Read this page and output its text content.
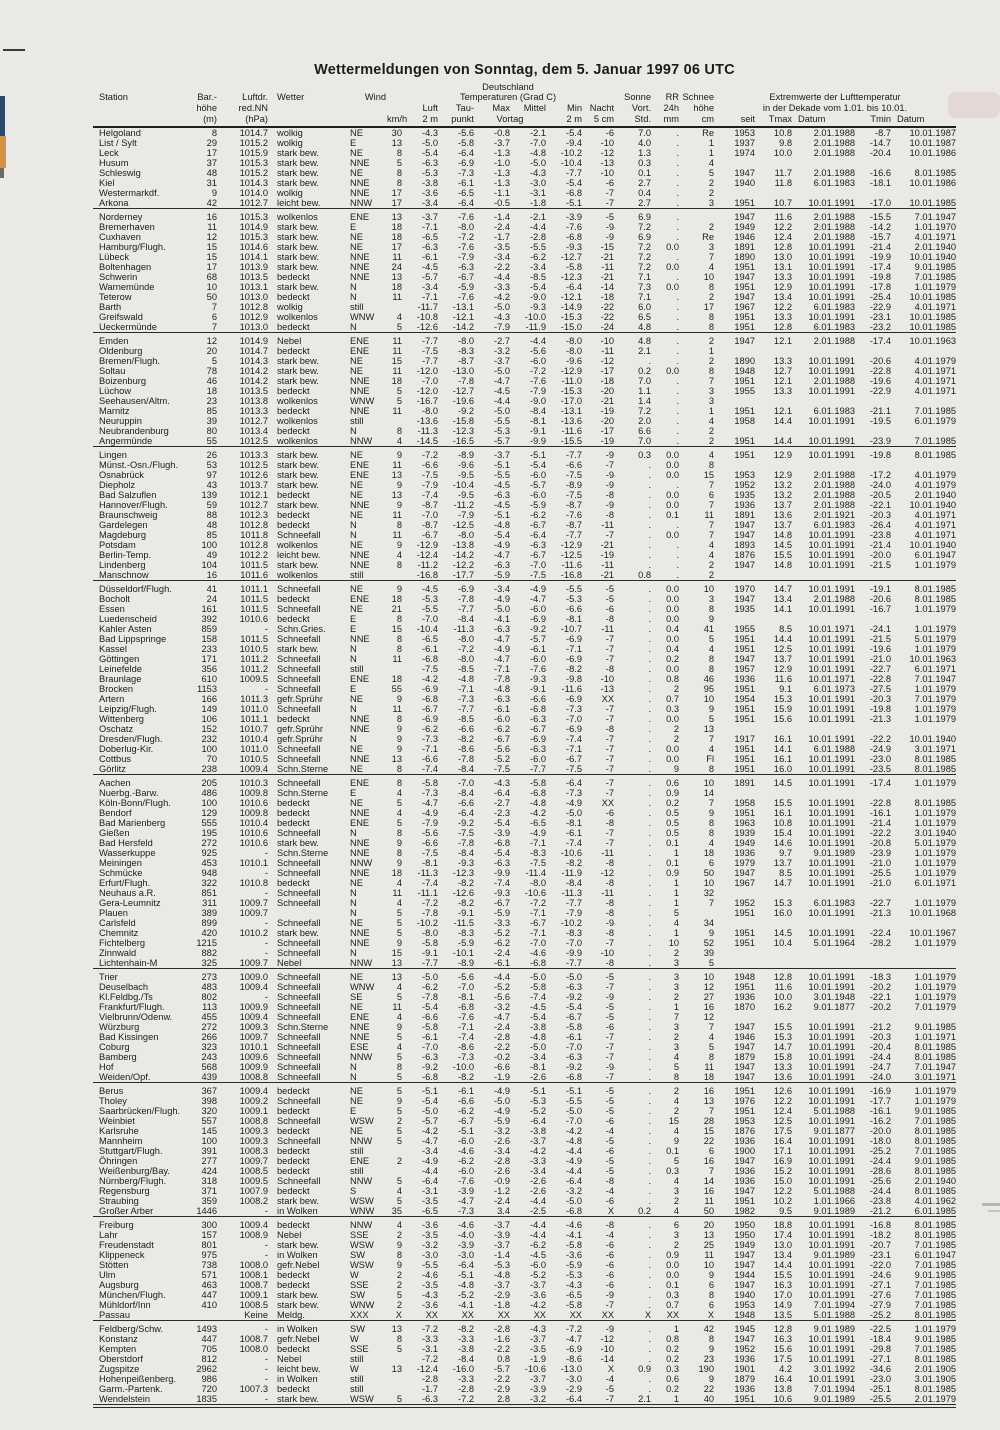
Wettermeldungen von Sonntag, dem 5. Januar 1997 06 UTC
						Deutschland													
Station	Bar.-	Luftdr.	Wetter	Wind		Temperaturen (Grad C)						Sonne	RR	Schnee	Extremwerte der Lufttemperatur				
	höhe	red.NN				Luft	Tau-	Max	Mittel	Min	Nacht	Vort.	24h	höhe	in der Dekade vom 1.01. bis 10.01.				
	(m)	(hPa)			km/h	2 m	punkt	Vortag		2 m	5 cm	Std.	mm	cm	seit	Tmax	Datum	Tmin	Datum
Helgoland	8	1014.7	wolkig	NE	30	-4.3	-5.6	-0.8	-2.1	-5.4	-6	7.0	.	Re	1953	10.8	2.01.1988	-8.7	10.01.1987
List / Sylt	29	1015.2	wolkig	E	13	-5.0	-5.8	-3.7	-7.0	-9.4	-10	4.0	.	1	1937	9.8	2.01.1988	-14.7	10.01.1987
Leck	17	1015.9	stark bew.	NE	8	-5.4	-6.4	-1.3	-4.8	-10.2	-12	1.3	.	1	1974	10.0	2.01.1988	-20.4	10.01.1986
Husum	37	1015.3	stark bew.	NNE	5	-6.3	-6.9	-1.0	-5.0	-10.4	-13	0.3	.	4					
Schleswig	48	1015.2	stark bew.	NE	8	-5.3	-7.3	-1.3	-4.3	-7.7	-10	0.1	.	5	1947	11.7	2.01.1988	-16.6	8.01.1985
Kiel	31	1014.3	stark bew.	NNE	8	-3.8	-6.1	-1.3	-3.0	-5.4	-6	2.7	.	2	1940	11.8	6.01.1983	-18.1	10.01.1986
Westermarkdf.	9	1014.0	wolkig	NNE	17	-3.6	-6.5	-1.1	-3.1	-6.8	-7	0.4	.	2					
Arkona	42	1012.7	leicht bew.	NNW	17	-3.4	-6.4	-0.5	-1.8	-5.1	-7	2.7	.	3	1951	10.7	10.01.1991	-17.0	10.01.1985
Norderney	16	1015.3	wolkenlos	ENE	13	-3.7	-7.6	-1.4	-2.1	-3.9	-5	6.9	.		1947	11.6	2.01.1988	-15.5	7.01.1947
Bremerhaven	11	1014.9	stark bew.	E	18	-7.1	-8.0	-2.4	-4.4	-7.6	-9	7.2	.	2	1949	12.2	2.01.1988	-14.2	1.01.1970
Cuxhaven	12	1015.3	stark bew.	NE	18	-6.5	-7.2	-1.7	-2.8	-6.8	-9	6.9	.	Re	1946	12.4	2.01.1988	-15.7	4.01.1971
Hamburg/Flugh.	15	1014.6	stark bew.	NE	17	-6.3	-7.6	-3.5	-5.5	-9.3	-15	7.2	0.0	3	1891	12.8	10.01.1991	-21.4	2.01.1940
Lübeck	15	1014.1	stark bew.	NNE	11	-6.1	-7.9	-3.4	-6.2	-12.7	-21	7.2	.	7	1890	13.0	10.01.1991	-19.9	10.01.1940
Boltenhagen	17	1013.9	stark bew.	NNE	24	-4.5	-6.3	-2.2	-3.4	-5.8	-11	7.2	0.0	4	1951	13.1	10.01.1991	-17.4	9.01.1985
Schwerin	68	1013.5	bedeckt	NNE	13	-5.7	-6.7	-4.4	-8.5	-12.3	-21	7.1	.	10	1947	13.3	10.01.1991	-19.8	7.01.1985
Warnemünde	10	1013.1	stark bew.	N	18	-3.4	-5.9	-3.3	-5.4	-6.4	-14	7.3	0.0	8	1951	12.9	10.01.1991	-17.8	1.01.1979
Teterow	50	1013.0	bedeckt	N	11	-7.1	-7.6	-4.2	-9.0	-12.1	-18	7.1	.	2	1947	13.4	10.01.1991	-25.4	10.01.1985
Barth	7	1012.8	wolkig	still		-11.7	-13.1	-5.0	-9.3	-14.9	-22	6.0	.	17	1967	12.2	6.01.1983	-22.9	4.01.1971
Greifswald	6	1012.9	wolkenlos	WNW	4	-10.8	-12.1	-4.3	-10.0	-15.3	-22	6.5	.	8	1951	13.3	10.01.1991	-23.1	10.01.1985
Ueckermünde	7	1013.0	bedeckt	N	5	-12.6	-14.2	-7.9	-11.9	-15.0	-24	4.8	.	8	1951	12.8	6.01.1983	-23.2	10.01.1985
Emden	12	1014.9	Nebel	ENE	11	-7.7	-8.0	-2.7	-4.4	-8.0	-10	4.8	.	2	1947	12.1	2.01.1988	-17.4	10.01.1963
Oldenburg	20	1014.7	bedeckt	ENE	11	-7.5	-8.3	-3.2	-5.6	-8.0	-11	2.1	.	1					
Bremen/Flugh.	5	1014.3	stark bew.	NE	15	-7.7	-8.7	-3.7	-6.0	-9.6	-12	.	.	2	1890	13.3	10.01.1991	-20.6	4.01.1979
Soltau	78	1014.2	stark bew.	NE	11	-12.0	-13.0	-5.0	-7.2	-12.9	-17	0.2	0.0	8	1948	12.7	10.01.1991	-22.8	4.01.1971
Boizenburg	46	1014.2	stark bew.	NNE	18	-7.0	-7.8	-4.7	-7.6	-11.0	-18	7.0	.	7	1951	12.1	2.01.1988	-19.6	4.01.1971
Lüchow	18	1013.5	bedeckt	NNE	5	-12.0	-12.7	-4.5	-7.9	-15.3	-20	1.1	.	3	1955	13.3	10.01.1991	-22.9	4.01.1971
Seehausen/Altm.	23	1013.8	wolkenlos	WNW	5	-16.7	-19.6	-4.4	-9.0	-17.0	-21	1.4	.	3					
Marnitz	85	1013.3	bedeckt	NNE	11	-8.0	-9.2	-5.0	-8.4	-13.1	-19	7.2	.	1	1951	12.1	6.01.1983	-21.1	7.01.1985
Neuruppin	39	1012.7	wolkenlos	still		-13.6	-15.8	-5.5	-8.1	-13.6	-20	2.0	.	4	1958	14.4	10.01.1991	-19.5	6.01.1979
Neubrandenburg	80	1013.4	bedeckt	N	8	-11.3	-12.3	-5.3	-9.1	-11.6	-17	6.6	.	2					
Angermünde	55	1012.5	wolkenlos	NNW	4	-14.5	-16.5	-5.7	-9.9	-15.5	-19	7.0	.	2	1951	14.4	10.01.1991	-23.9	7.01.1985
Lingen	26	1013.3	stark bew.	NE	9	-7.2	-8.9	-3.7	-5.1	-7.7	-9	0.3	0.0	4	1951	12.9	10.01.1991	-19.8	8.01.1985
Münst.-Osn./Flugh.	53	1012.5	stark bew.	ENE	11	-6.6	-9.6	-5.1	-5.4	-6.6	-7	.	0.0	8					
Osnabrück	97	1012.6	stark bew.	ENE	13	-7.5	-9.5	-5.5	-6.0	-7.5	-9	.	0.0	15	1953	12.9	2.01.1988	-17.2	4.01.1979
Diepholz	43	1013.7	stark bew.	NE	9	-7.9	-10.4	-4.5	-5.7	-8.9	-9	.	.	7	1952	13.2	2.01.1988	-24.0	4.01.1979
Bad Salzuflen	139	1012.1	bedeckt	NE	13	-7.4	-9.5	-6.3	-6.0	-7.5	-8	.	0.0	6	1935	13.2	2.01.1988	-20.5	2.01.1940
Hannover/Flugh.	59	1012.7	stark bew.	NNE	9	-8.7	-11.2	-4.5	-5.9	-8.7	-9	.	0.0	7	1936	13.7	2.01.1988	-22.1	10.01.1940
Braunschweig	88	1012.3	bedeckt	NE	11	-7.0	-7.9	-5.1	-6.2	-7.6	-8	.	0.1	11	1891	13.6	2.01.1921	-20.3	4.01.1971
Gardelegen	48	1012.8	bedeckt	N	8	-8.7	-12.5	-4.8	-6.7	-8.7	-11	.	.	7	1947	13.7	6.01.1983	-26.4	4.01.1971
Magdeburg	85	1011.8	Schneefall	N	11	-6.7	-8.0	-5.4	-6.4	-7.7	-7	.	0.0	7	1947	14.8	10.01.1991	-23.8	4.01.1971
Potsdam	100	1012.8	wolkenlos	NE	9	-12.9	-13.8	-4.9	-6.3	-12.9	-21	.	.	4	1893	14.5	10.01.1991	-21.4	10.01.1940
Berlin-Temp.	49	1012.2	leicht bew.	NNE	4	-12.4	-14.2	-4.7	-6.7	-12.5	-19	.	.	4	1876	15.5	10.01.1991	-20.0	6.01.1947
Lindenberg	104	1011.5	stark bew.	NNE	8	-11.2	-12.2	-6.3	-7.0	-11.6	-11	.	.	2	1947	14.8	10.01.1991	-21.5	1.01.1979
Manschnow	16	1011.6	wolkenlos	still		-16.8	-17.7	-5.9	-7.5	-16.8	-21	0.8	.	2					
Düsseldorf/Flugh.	41	1011.1	Schneefall	NE	9	-4.5	-6.9	-3.4	-4.9	-5.5	-5	.	0.0	10	1970	14.7	10.01.1991	-19.1	8.01.1985
Bocholt	24	1011.5	bedeckt	ENE	18	-5.3	-7.8	-4.9	-4.7	-5.3	-5	.	0.0	3	1947	13.4	2.01.1988	-20.6	8.01.1985
Essen	161	1011.5	Schneefall	NE	21	-5.5	-7.7	-5.0	-6.0	-6.6	-6	.	0.0	8	1935	14.1	10.01.1991	-16.7	1.01.1979
Luedenscheid	392	1010.6	bedeckt	E	8	-7.0	-8.4	-4.1	-6.9	-8.1	-8	.	0.0	9					
Kahler Asten	859	-	Schn.Gries.	E	15	-10.4	-11.3	-6.3	-9.2	-10.7	-11	.	0.4	41	1955	8.5	10.01.1971	-24.1	1.01.1979
Bad Lippspringe	158	1011.5	Schneefall	NNE	8	-6.5	-8.0	-4.7	-5.7	-6.9	-7	.	0.0	5	1951	14.4	10.01.1991	-21.5	5.01.1979
Kassel	233	1010.5	stark bew.	N	8	-6.1	-7.2	-4.9	-6.1	-7.1	-7	.	0.4	4	1951	12.5	10.01.1991	-19.6	1.01.1979
Göttingen	171	1011.2	Schneefall	N	11	-6.8	-8.0	-4.7	-6.0	-6.9	-7	.	0.2	8	1947	13.7	10.01.1991	-21.0	10.01.1963
Leinefelde	356	1011.2	Schneefall	still		-7.5	-8.5	-7.1	-7.6	-8.2	-8	.	0.0	8	1957	12.9	10.01.1991	-22.7	6.01.1971
Braunlage	610	1009.5	Schneefall	ENE	18	-4.2	-4.8	-7.8	-9.3	-9.8	-10	.	0.8	46	1936	11.6	10.01.1971	-22.8	7.01.1947
Brocken	1153	-	Schneefall	E	55	-6.9	-7.1	-4.8	-9.1	-11.6	-13	.	2	95	1951	9.1	6.01.1973	-27.5	1.01.1979
Artern	166	1011.3	gefr.Sprühr	NE	9	-6.8	-7.3	-6.3	-6.6	-6.9	XX	.	0.7	10	1954	15.3	10.01.1991	-20.3	7.01.1979
Leipzig/Flugh.	149	1011.0	Schneefall	N	11	-6.7	-7.7	-6.1	-6.8	-7.3	-7	.	0.3	9	1951	15.9	10.01.1991	-19.8	1.01.1979
Wittenberg	106	1011.1	bedeckt	NNE	8	-6.9	-8.5	-6.0	-6.3	-7.0	-7	.	0.0	5	1951	15.6	10.01.1991	-21.3	1.01.1979
Oschatz	152	1010.7	gefr.Sprühr	NNE	9	-6.2	-6.6	-6.2	-6.7	-6.9	-8	.	2	13					
Dresden/Flugh.	232	1010.4	gefr.Sprühr	N	9	-7.3	-8.2	-6.7	-6.9	-7.4	-7	.	2	7	1917	16.1	10.01.1991	-22.2	10.01.1940
Doberlug-Kir.	100	1011.0	Schneefall	NE	9	-7.1	-8.6	-5.6	-6.3	-7.1	-7	.	0.0	4	1951	14.1	6.01.1988	-24.9	3.01.1971
Cottbus	70	1010.5	Schneefall	NNE	13	-6.6	-7.8	-5.2	-6.0	-6.7	-7	.	0.0	Fl	1951	16.1	10.01.1991	-23.0	8.01.1985
Görlitz	238	1009.4	Schn.Sterne	NE	8	-7.4	-8.4	-7.5	-7.7	-7.5	-7	.	9	8	1951	16.0	10.01.1991	-23.5	8.01.1985
Aachen	205	1010.3	Schneefall	ENE	8	-5.8	-7.0	-4.3	-5.8	-6.4	-7	.	0.6	10	1891	14.5	10.01.1991	-17.4	1.01.1979
Nuerbg.-Barw.	486	1009.8	Schn.Sterne	E	4	-7.3	-8.4	-6.4	-6.8	-7.3	-7	.	0.9	14					
Köln-Bonn/Flugh.	100	1010.6	bedeckt	NE	5	-4.7	-6.6	-2.7	-4.8	-4.9	XX	.	0.2	7	1958	15.5	10.01.1991	-22.8	8.01.1985
Bendorf	129	1009.8	bedeckt	NNE	4	-4.9	-6.4	-2.3	-4.2	-5.0	-6	.	0.5	9	1951	16.1	10.01.1991	-16.1	1.01.1979
Bad Marienberg	555	1010.4	bedeckt	ENE	5	-7.9	-9.2	-5.4	-6.5	-8.1	-8	.	0.5	8	1963	10.8	10.01.1991	-21.4	1.01.1979
Gießen	195	1010.6	Schneefall	N	8	-5.6	-7.5	-3.9	-4.9	-6.1	-7	.	0.5	8	1939	15.4	10.01.1991	-22.2	3.01.1940
Bad Hersfeld	272	1010.6	stark bew.	NNE	9	-6.6	-7.8	-6.8	-7.1	-7.4	-7	.	0.1	4	1949	14.6	10.01.1991	-20.8	5.01.1979
Wasserkuppe	925	-	Schn.Sterne	NNE	8	-7.5	-8.4	-5.4	-8.3	-10.6	-11	.	1	18	1936	9.7	9.01.1989	-23.9	1.01.1979
Meiningen	453	1010.1	Schneefall	NNW	9	-8.1	-9.3	-6.3	-7.5	-8.2	-8	.	0.1	6	1979	13.7	10.01.1991	-21.0	1.01.1979
Schmücke	948	-	Schneefall	NNE	18	-11.3	-12.3	-9.9	-11.4	-11.9	-12	.	0.9	50	1947	8.5	10.01.1991	-25.5	1.01.1979
Erfurt/Flugh.	322	1010.8	bedeckt	NE	4	-7.4	-8.2	-7.4	-8.0	-8.4	-8	.	1	10	1967	14.7	10.01.1991	-21.0	6.01.1971
Neuhaus a.R.	851	-	Schneefall	N	11	-11.1	-12.6	-9.3	-10.6	-11.3	-11	.	1	32					
Gera-Leumnitz	311	1009.7	Schneefall	N	4	-7.2	-8.2	-6.7	-7.2	-7.7	-8	.	1	7	1952	15.3	6.01.1983	-22.7	1.01.1979
Plauen	389	1009.7		N	5	-7.8	-9.1	-5.9	-7.1	-7.9	-8	.	5		1951	16.0	10.01.1991	-21.3	10.01.1968
Carlsfeld	899	-	Schneefall	NE	5	-10.2	-11.5	-3.3	-6.7	-10.2	-9	.	4	34					
Chemnitz	420	1010.2	stark bew.	NNE	5	-8.0	-8.3	-5.2	-7.1	-8.3	-8	.	1	9	1951	14.5	10.01.1991	-22.4	10.01.1967
Fichtelberg	1215	-	Schneefall	NNE	9	-5.8	-5.9	-6.2	-7.0	-7.0	-7	.	10	52	1951	10.4	5.01.1964	-28.2	1.01.1979
Zinnwald	882	-	Schneefall	N	15	-9.1	-10.1	-2.4	-4.6	-9.9	-10	.	2	39					
Lichtenhain-M	325	1009.7	Nebel	NNW	13	-7.7	-8.9	-6.1	-6.8	-7.7	-8	.	3	5					
Trier	273	1009.0	Schneefall	NE	13	-5.0	-5.6	-4.4	-5.0	-5.0	-5	.	3	10	1948	12.8	10.01.1991	-18.3	1.01.1979
Deuselbach	483	1009.4	Schneefall	WNW	4	-6.2	-7.0	-5.2	-5.8	-6.3	-7	.	3	12	1951	11.6	10.01.1991	-20.2	1.01.1979
Kl.Feldbg./Ts	802	-	Schneefall	SE	5	-7.8	-8.1	-5.6	-7.4	-9.2	-9	.	2	27	1936	10.0	3.01.1948	-22.1	1.01.1979
Frankfurt/Flugh.	113	1009.9	Schneefall	NE	11	-5.4	-6.8	-3.2	-4.5	-5.4	-5	.	1	16	1870	16.2	9.01.1877	-20.2	7.01.1979
Vielbrunn/Odenw.	455	1009.4	Schneefall	ENE	4	-6.6	-7.6	-4.7	-5.4	-6.7	-5	.	7	12					
Würzburg	272	1009.3	Schn.Sterne	NNE	9	-5.8	-7.1	-2.4	-3.8	-5.8	-6	.	3	7	1947	15.5	10.01.1991	-21.2	9.01.1985
Bad Kissingen	266	1009.7	Schneefall	NNE	5	-6.1	-7.4	-2.8	-4.8	-6.1	-7	.	2	4	1946	15.3	10.01.1991	-20.3	1.01.1971
Coburg	323	1010.1	Schneefall	ESE	4	-7.0	-8.6	-2.2	-5.0	-7.0	-7	.	3	5	1947	14.7	10.01.1991	-20.4	8.01.1985
Bamberg	243	1009.6	Schneefall	NNW	5	-6.3	-7.3	-0.2	-3.4	-6.3	-7	.	4	8	1879	15.8	10.01.1991	-24.4	8.01.1985
Hof	568	1009.9	Schneefall	N	8	-9.2	-10.0	-6.6	-8.1	-9.2	-9	.	5	11	1947	13.3	10.01.1991	-24.7	7.01.1947
Weiden/Opf.	439	1008.8	Schneefall	N	5	-6.8	-8.2	-1.9	-2.6	-6.8	-7	.	8	18	1947	13.6	10.01.1991	-24.0	3.01.1971
Berus	367	1009.4	bedeckt	NE	5	-5.1	-6.1	-4.9	-5.1	-5.1	-5	.	2	16	1951	12.6	10.01.1991	-16.9	1.01.1979
Tholey	398	1009.2	Schneefall	NE	9	-5.4	-6.6	-5.0	-5.3	-5.5	-5	.	4	13	1976	12.2	10.01.1991	-17.7	1.01.1979
Saarbrücken/Flugh.	320	1009.1	bedeckt	E	5	-5.0	-6.2	-4.9	-5.2	-5.0	-5	.	2	7	1951	12.4	5.01.1988	-16.1	9.01.1985
Weinbiet	557	1008.8	Schneefall	WSW	2	-5.7	-6.7	-5.9	-6.4	-7.0	-6	.	15	28	1953	12.5	10.01.1991	-16.2	7.01.1985
Karlsruhe	145	1009.3	bedeckt	NE	5	-4.2	-5.1	-3.2	-3.8	-4.2	-4	.	4	15	1876	17.5	9.01.1877	-20.0	8.01.1985
Mannheim	100	1009.3	Schneefall	NNW	5	-4.7	-6.0	-2.6	-3.7	-4.8	-5	.	9	22	1936	16.4	10.01.1991	-18.0	8.01.1985
Stuttgart/Flugh.	391	1008.3	bedeckt	still		-3.4	-4.6	-3.4	-4.2	-4.4	-6	.	0.1	6	1900	17.1	10.01.1991	-25.2	7.01.1985
Öhringen	277	1009.7	bedeckt	ENE	2	-4.9	-6.2	-2.8	-3.3	-4.9	-5	.	5	16	1947	16.9	10.01.1991	-24.4	9.01.1985
Weißenburg/Bay.	424	1008.5	bedeckt	still		-4.4	-6.0	-2.6	-3.4	-4.4	-5	.	0.3	7	1936	15.2	10.01.1991	-28.6	8.01.1985
Nürnberg/Flugh.	318	1009.5	Schneefall	NNW	5	-6.4	-7.6	-0.9	-2.6	-6.4	-8	.	4	14	1936	15.0	10.01.1991	-25.6	2.01.1940
Regensburg	371	1007.9	bedeckt	S	4	-3.1	-3.9	-1.2	-2.6	-3.2	-4	.	3	16	1947	12.2	5.01.1988	-24.4	8.01.1985
Straubing	359	1008.2	stark bew.	WSW	5	-3.5	-4.7	-2.4	-4.4	-5.0	-6	.	2	11	1951	10.2	1.01.1966	-23.8	4.01.1962
Großer Arber	1446	-	in Wolken	WNW	35	-6.5	-7.3	3.4	-2.5	-6.8	X	0.2	4	50	1982	9.5	9.01.1989	-21.2	6.01.1985
Freiburg	300	1009.4	bedeckt	NNW	4	-3.6	-4.6	-3.7	-4.4	-4.6	-8	.	6	20	1950	18.8	10.01.1991	-16.8	8.01.1985
Lahr	157	1008.9	Nebel	SSE	2	-3.5	-4.0	-3.9	-4.4	-4.1	-4	.	3	13	1950	17.4	10.01.1991	-18.2	8.01.1985
Freudenstadt	801	-	stark bew.	WSW	9	-3.2	-3.9	-3.7	-6.2	-5.8	-6	.	2	25	1949	13.0	10.01.1991	-20.7	7.01.1985
Klippeneck	975	-	in Wolken	SW	8	-3.0	-3.0	-1.4	-4.5	-3.6	-6	.	0.9	11	1947	13.4	9.01.1989	-23.1	6.01.1947
Stötten	738	1008.0	gefr.Nebel	WSW	9	-5.5	-6.4	-5.3	-6.0	-5.9	-6	.	0.0	10	1947	14.4	10.01.1991	-22.0	7.01.1985
Ulm	571	1008.1	bedeckt	W	2	-4.6	-5.1	-4.8	-5.2	-5.3	-6	.	0.0	9	1944	15.5	10.01.1991	-24.6	9.01.1985
Augsburg	463	1008.7	bedeckt	SSE	2	-3.5	-4.8	-3.7	-3.7	-4.3	-6	.	0.1	6	1947	16.3	10.01.1991	-27.1	7.01.1985
München/Flugh.	447	1009.1	stark bew.	SW	5	-4.3	-5.2	-2.9	-3.6	-6.5	-9	.	0.3	8	1940	17.0	10.01.1991	-27.6	7.01.1985
Mühldorf/Inn	410	1008.5	stark bew.	WNW	2	-3.6	-4.1	-1.8	-4.2	-5.8	-7	.	0.7	6	1953	14.9	7.01.1994	-27.9	7.01.1985
Passau		Keine	Meldg.	XXX	X	XX	XX	XX	XX	XX	XX	X	XX	X	1948	13.5	5.01.1988	-25.2	8.01.1985
Feldberg/Schw.	1493	-	in Wolken	SW	13	-7.2	-8.2	-2.8	-4.3	-7.2	-9	.	1	42	1945	12.8	9.01.1989	-22.5	1.01.1979
Konstanz	447	1008.7	gefr.Nebel	W	8	-3.3	-3.3	-1.6	-3.7	-4.7	-12	.	0.8	8	1947	16.3	10.01.1991	-18.4	9.01.1985
Kempten	705	1008.0	bedeckt	SSE	5	-3.1	-3.8	-2.2	-3.5	-6.9	-10	.	0.2	9	1952	15.6	10.01.1991	-29.8	7.01.1985
Oberstdorf	812	-	Nebel	still		-7.2	-8.4	0.8	-1.9	-8.6	-14	.	0.2	23	1936	17.5	10.01.1991	-27.1	8.01.1985
Zugspitze	2962	-	leicht bew.	W	13	-12.4	-16.0	-5.7	-10.6	-13.0	X	0.9	0.3	190	1901	4.2	3.01.1992	-34.6	2.01.1905
Hohenpeißenberg.	986	-	in Wolken	still		-2.8	-3.3	-2.2	-3.7	-3.0	-4	.	0.6	9	1879	16.4	10.01.1991	-23.0	3.01.1905
Garm.-Partenk.	720	1007.3	bedeckt	still		-1.7	-2.8	-2.9	-3.9	-2.9	-5	.	0.2	22	1936	13.8	7.01.1994	-25.1	8.01.1985
Wendelstein	1835	-	stark bew.	WSW	5	-6.3	-7.2	2.8	-3.2	-6.4	-7	2.1	1	40	1951	10.6	9.01.1989	-25.5	2.01.1979
